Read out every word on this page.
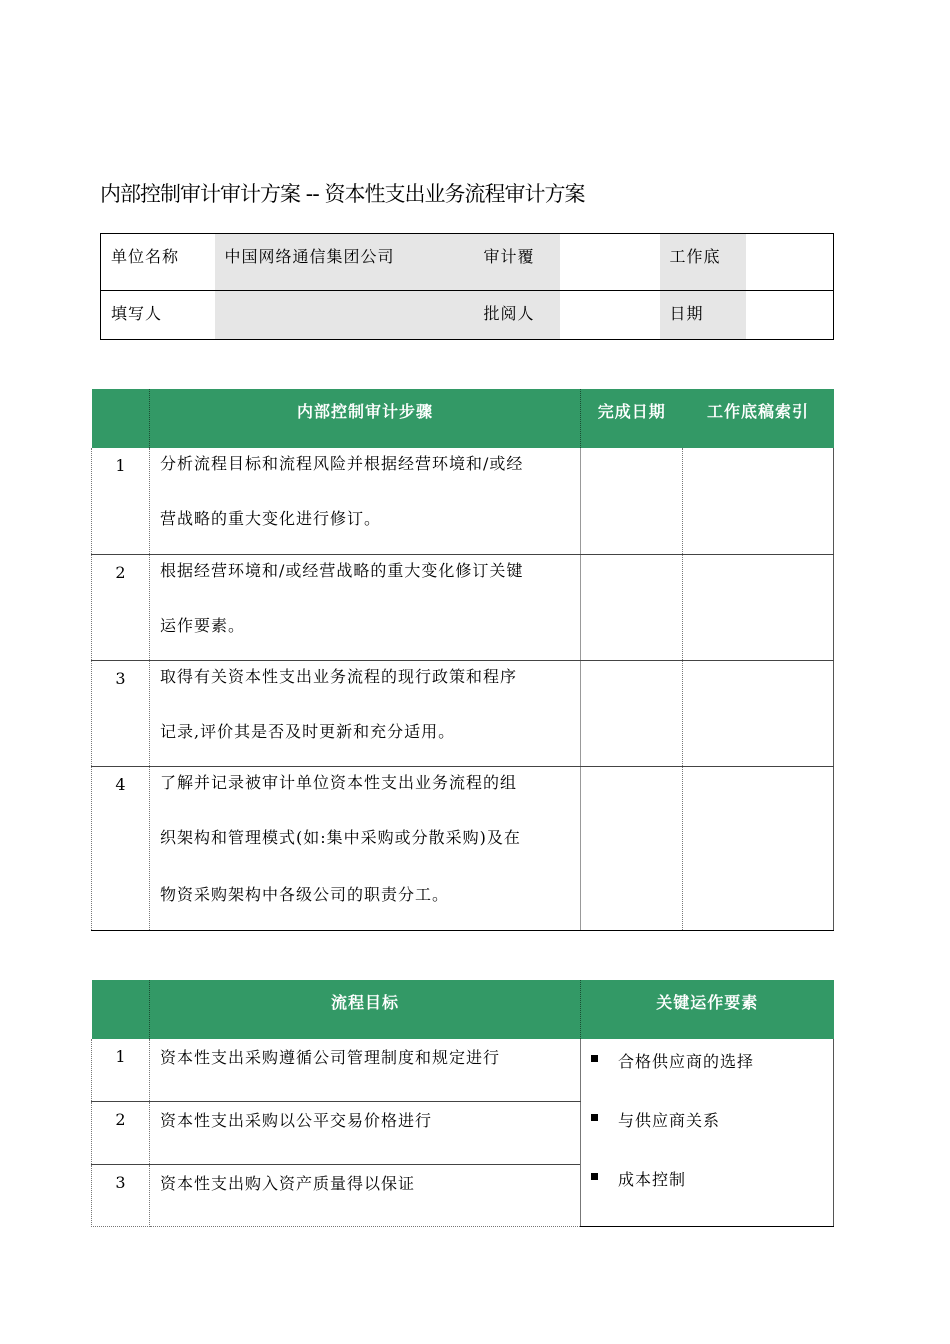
内部控制审计审计方案 -- 资本性支出业务流程审计方案
单位名称	中国网络通信集团公司	审计覆		工作底	
填写人		批阅人		日期	
	内部控制审计步骤	完成日期	工作底稿索引
1	分析流程目标和流程风险并根据经营环境和/或经
营战略的重大变化进行修订。		

2	根据经营环境和/或经营战略的重大变化修订关键
运作要素。		

3	取得有关资本性支出业务流程的现行政策和程序
记录,评价其是否及时更新和充分适用。		

4	了解并记录被审计单位资本性支出业务流程的组
织架构和管理模式(如:集中采购或分散采购)及在
物资采购架构中各级公司的职责分工。		

	流程目标	关键运作要素
1	资本性支出采购遵循公司管理制度和规定进行	合格供应商的选择
与供应商关系
成本控制

2	资本性支出采购以公平交易价格进行	
3	资本性支出购入资产质量得以保证	
